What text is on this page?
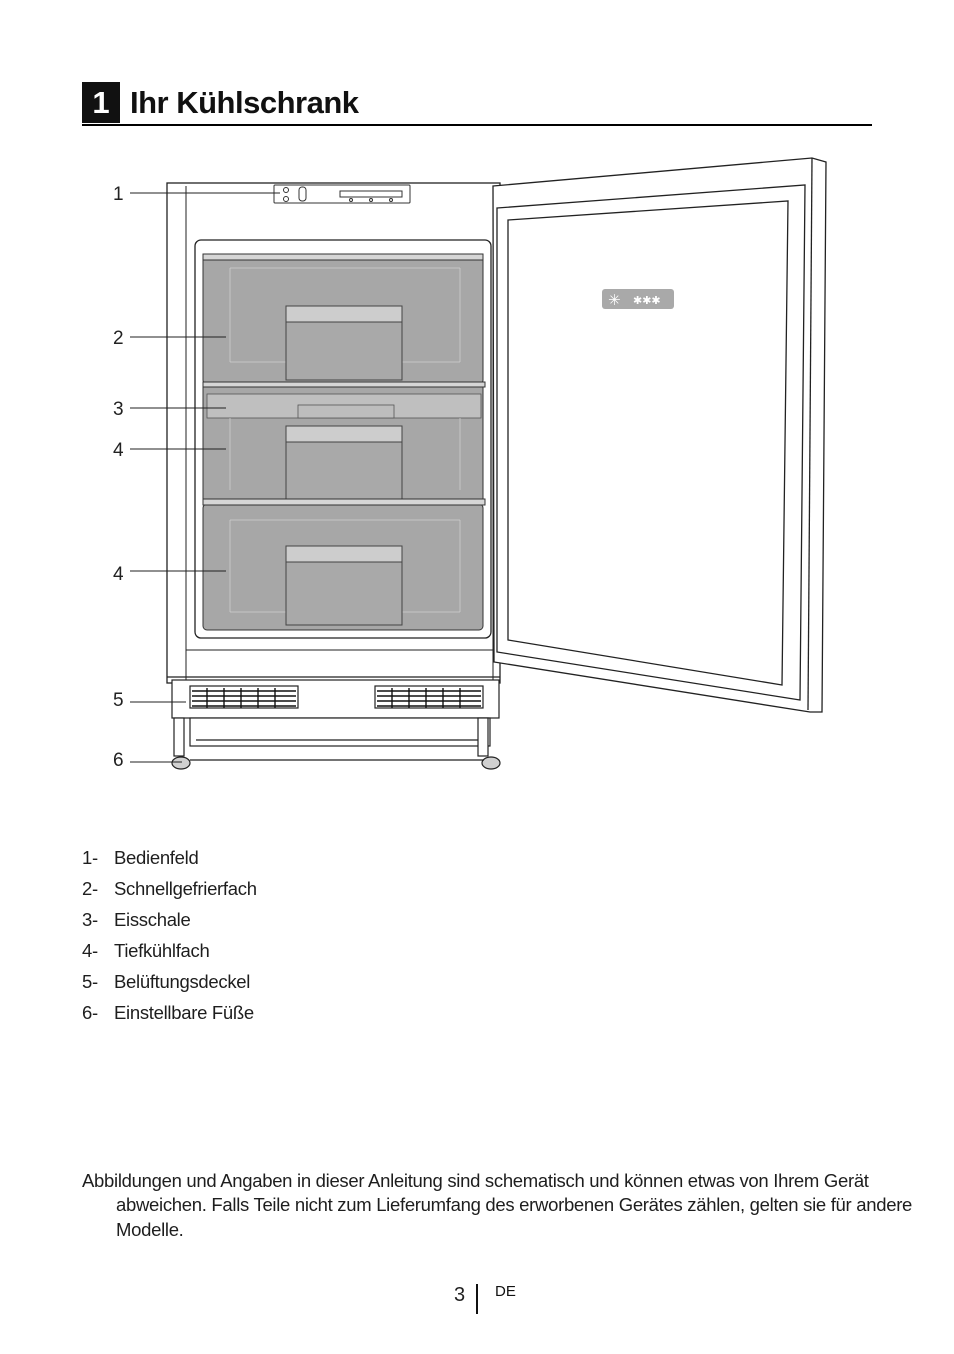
1 Ihr Kühlschrank
✳ ✱✱✱
1
2
3
4
4
5
6
1- Bedienfeld
2- Schnellgefrierfach
3- Eisschale
4- Tiefkühlfach
5- Belüftungsdeckel
6- Einstellbare Füße

Abbildungen und Angaben in dieser Anleitung sind schematisch und können etwas von Ihrem Gerät abweichen. Falls Teile nicht zum Lieferumfang des erworbenen Gerätes zählen, gelten sie für andere Modelle.

3 DE
